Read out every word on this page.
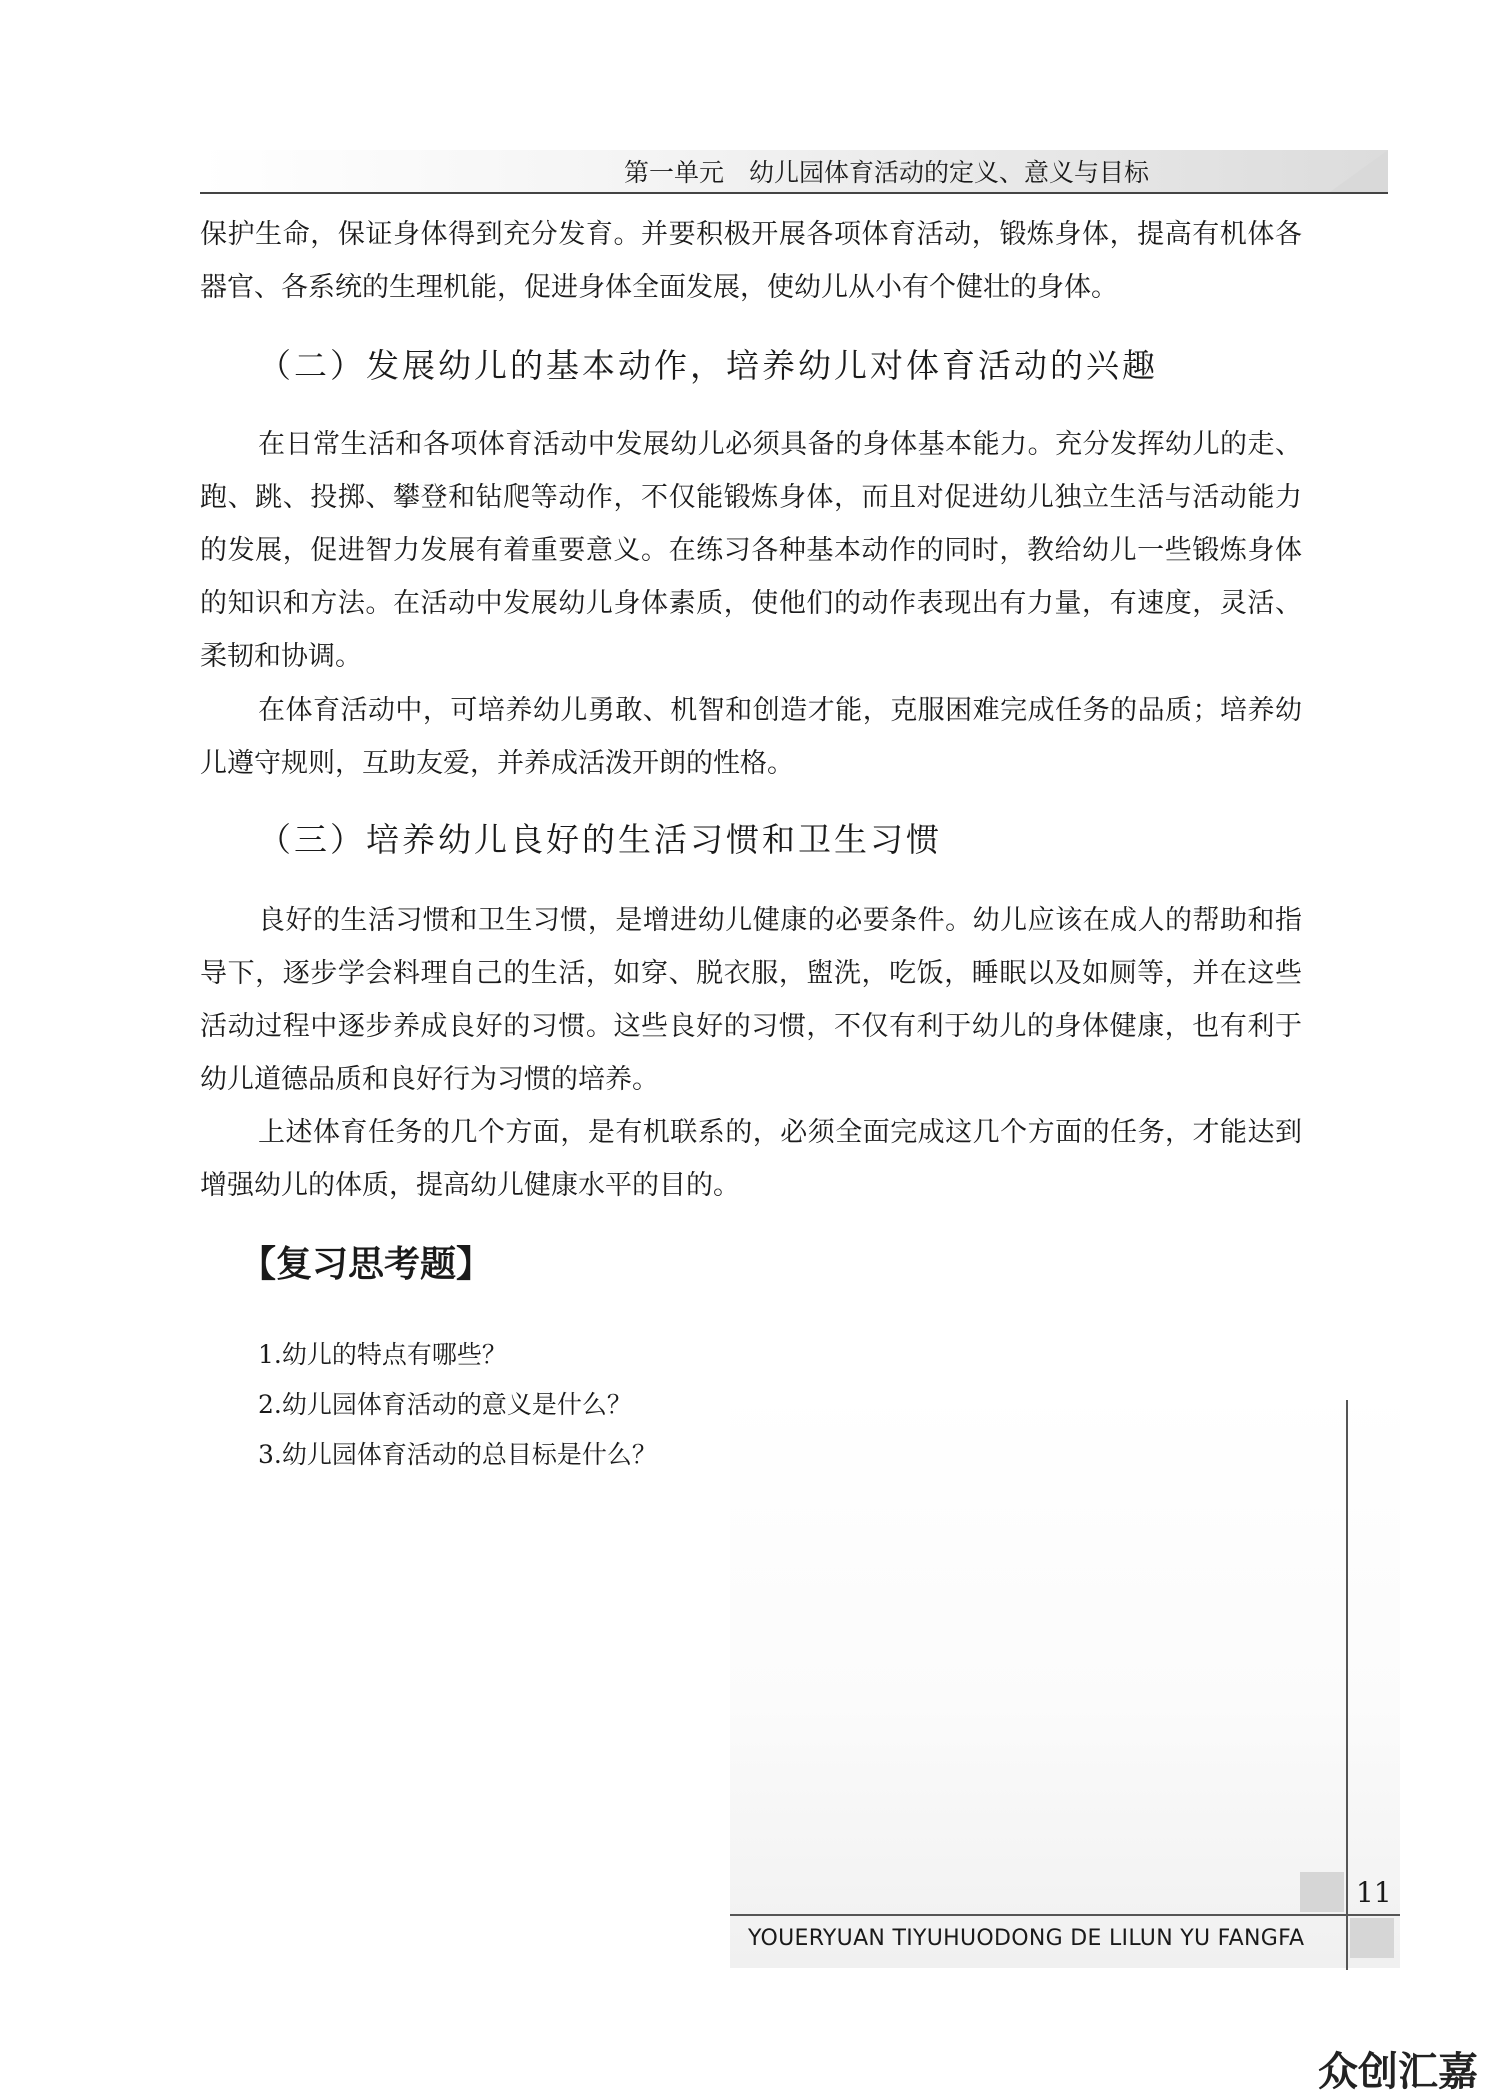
第一单元　幼儿园体育活动的定义、意义与目标

保护生命，保证身体得到充分发育。并要积极开展各项体育活动，锻炼身体，提高有机体各器官、各系统的生理机能，促进身体全面发展，使幼儿从小有个健壮的身体。

（二）发展幼儿的基本动作，培养幼儿对体育活动的兴趣

在日常生活和各项体育活动中发展幼儿必须具备的身体基本能力。充分发挥幼儿的走、跑、跳、投掷、攀登和钻爬等动作，不仅能锻炼身体，而且对促进幼儿独立生活与活动能力的发展，促进智力发展有着重要意义。在练习各种基本动作的同时，教给幼儿一些锻炼身体的知识和方法。在活动中发展幼儿身体素质，使他们的动作表现出有力量，有速度，灵活、柔韧和协调。

在体育活动中，可培养幼儿勇敢、机智和创造才能，克服困难完成任务的品质；培养幼儿遵守规则，互助友爱，并养成活泼开朗的性格。

（三）培养幼儿良好的生活习惯和卫生习惯

良好的生活习惯和卫生习惯，是增进幼儿健康的必要条件。幼儿应该在成人的帮助和指导下，逐步学会料理自己的生活，如穿、脱衣服，盥洗，吃饭，睡眠以及如厕等，并在这些活动过程中逐步养成良好的习惯。这些良好的习惯，不仅有利于幼儿的身体健康，也有利于幼儿道德品质和良好行为习惯的培养。

上述体育任务的几个方面，是有机联系的，必须全面完成这几个方面的任务，才能达到增强幼儿的体质，提高幼儿健康水平的目的。

【复习思考题】
1.幼儿的特点有哪些？
2.幼儿园体育活动的意义是什么？
3.幼儿园体育活动的总目标是什么？
11
YOUERYUAN TIYUHUODONG DE LILUN YU FANGFA
众创汇嘉
